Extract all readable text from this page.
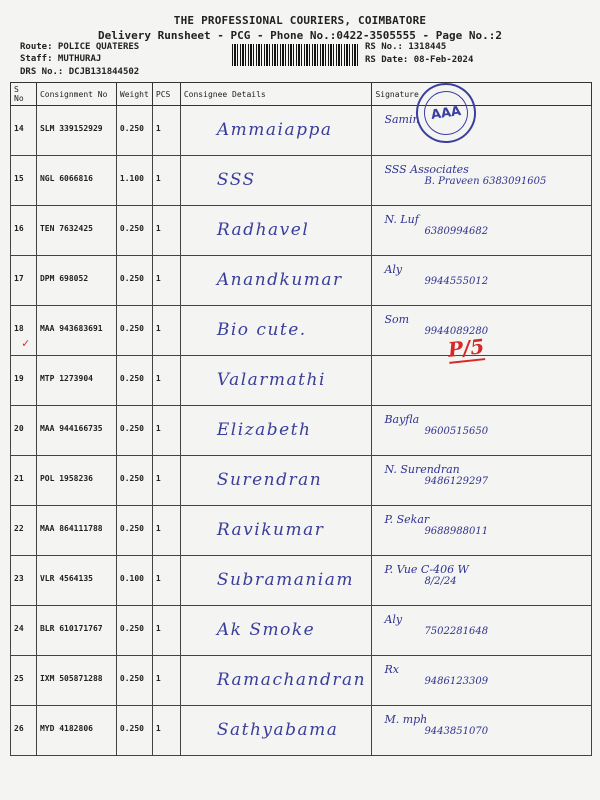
THE PROFESSIONAL COURIERS, COIMBATORE
Delivery Runsheet - PCG - Phone No.:0422-3505555 - Page No.:2
Route: POLICE QUATERES
Staff: MUTHURAJ
DRS No.: DCJB131844502
RS No.: 1318445
RS Date: 08-Feb-2024
S No	Consignment No	Weight	PCS	Consignee Details	Signature
14	SLM 339152929	0.250	1	Ammaiappa	Samin

15	NGL 6066816	1.100	1	SSS	SSS Associates
B. Praveen 6383091605

16	TEN 7632425	0.250	1	Radhavel	N. Luf
6380994682

17	DPM 698052	0.250	1	Anandkumar	Aly
9944555012

18	MAA 943683691	0.250	1	Bio cute.	Som
9944089280

19	MTP 1273904	0.250	1	Valarmathi	

20	MAA 944166735	0.250	1	Elizabeth	Bayfla
9600515650

21	POL 1958236	0.250	1	Surendran	N. Surendran
9486129297

22	MAA 864111788	0.250	1	Ravikumar	P. Sekar
9688988011

23	VLR 4564135	0.100	1	Subramaniam	P. Vue C-406 W
8/2/24

24	BLR 610171767	0.250	1	Ak Smoke	Aly
7502281648

25	IXM 505871288	0.250	1	Ramachandran	Rx
9486123309

26	MYD 4182806	0.250	1	Sathyabama	M. mph
9443851070
AAA
✓	P/5
